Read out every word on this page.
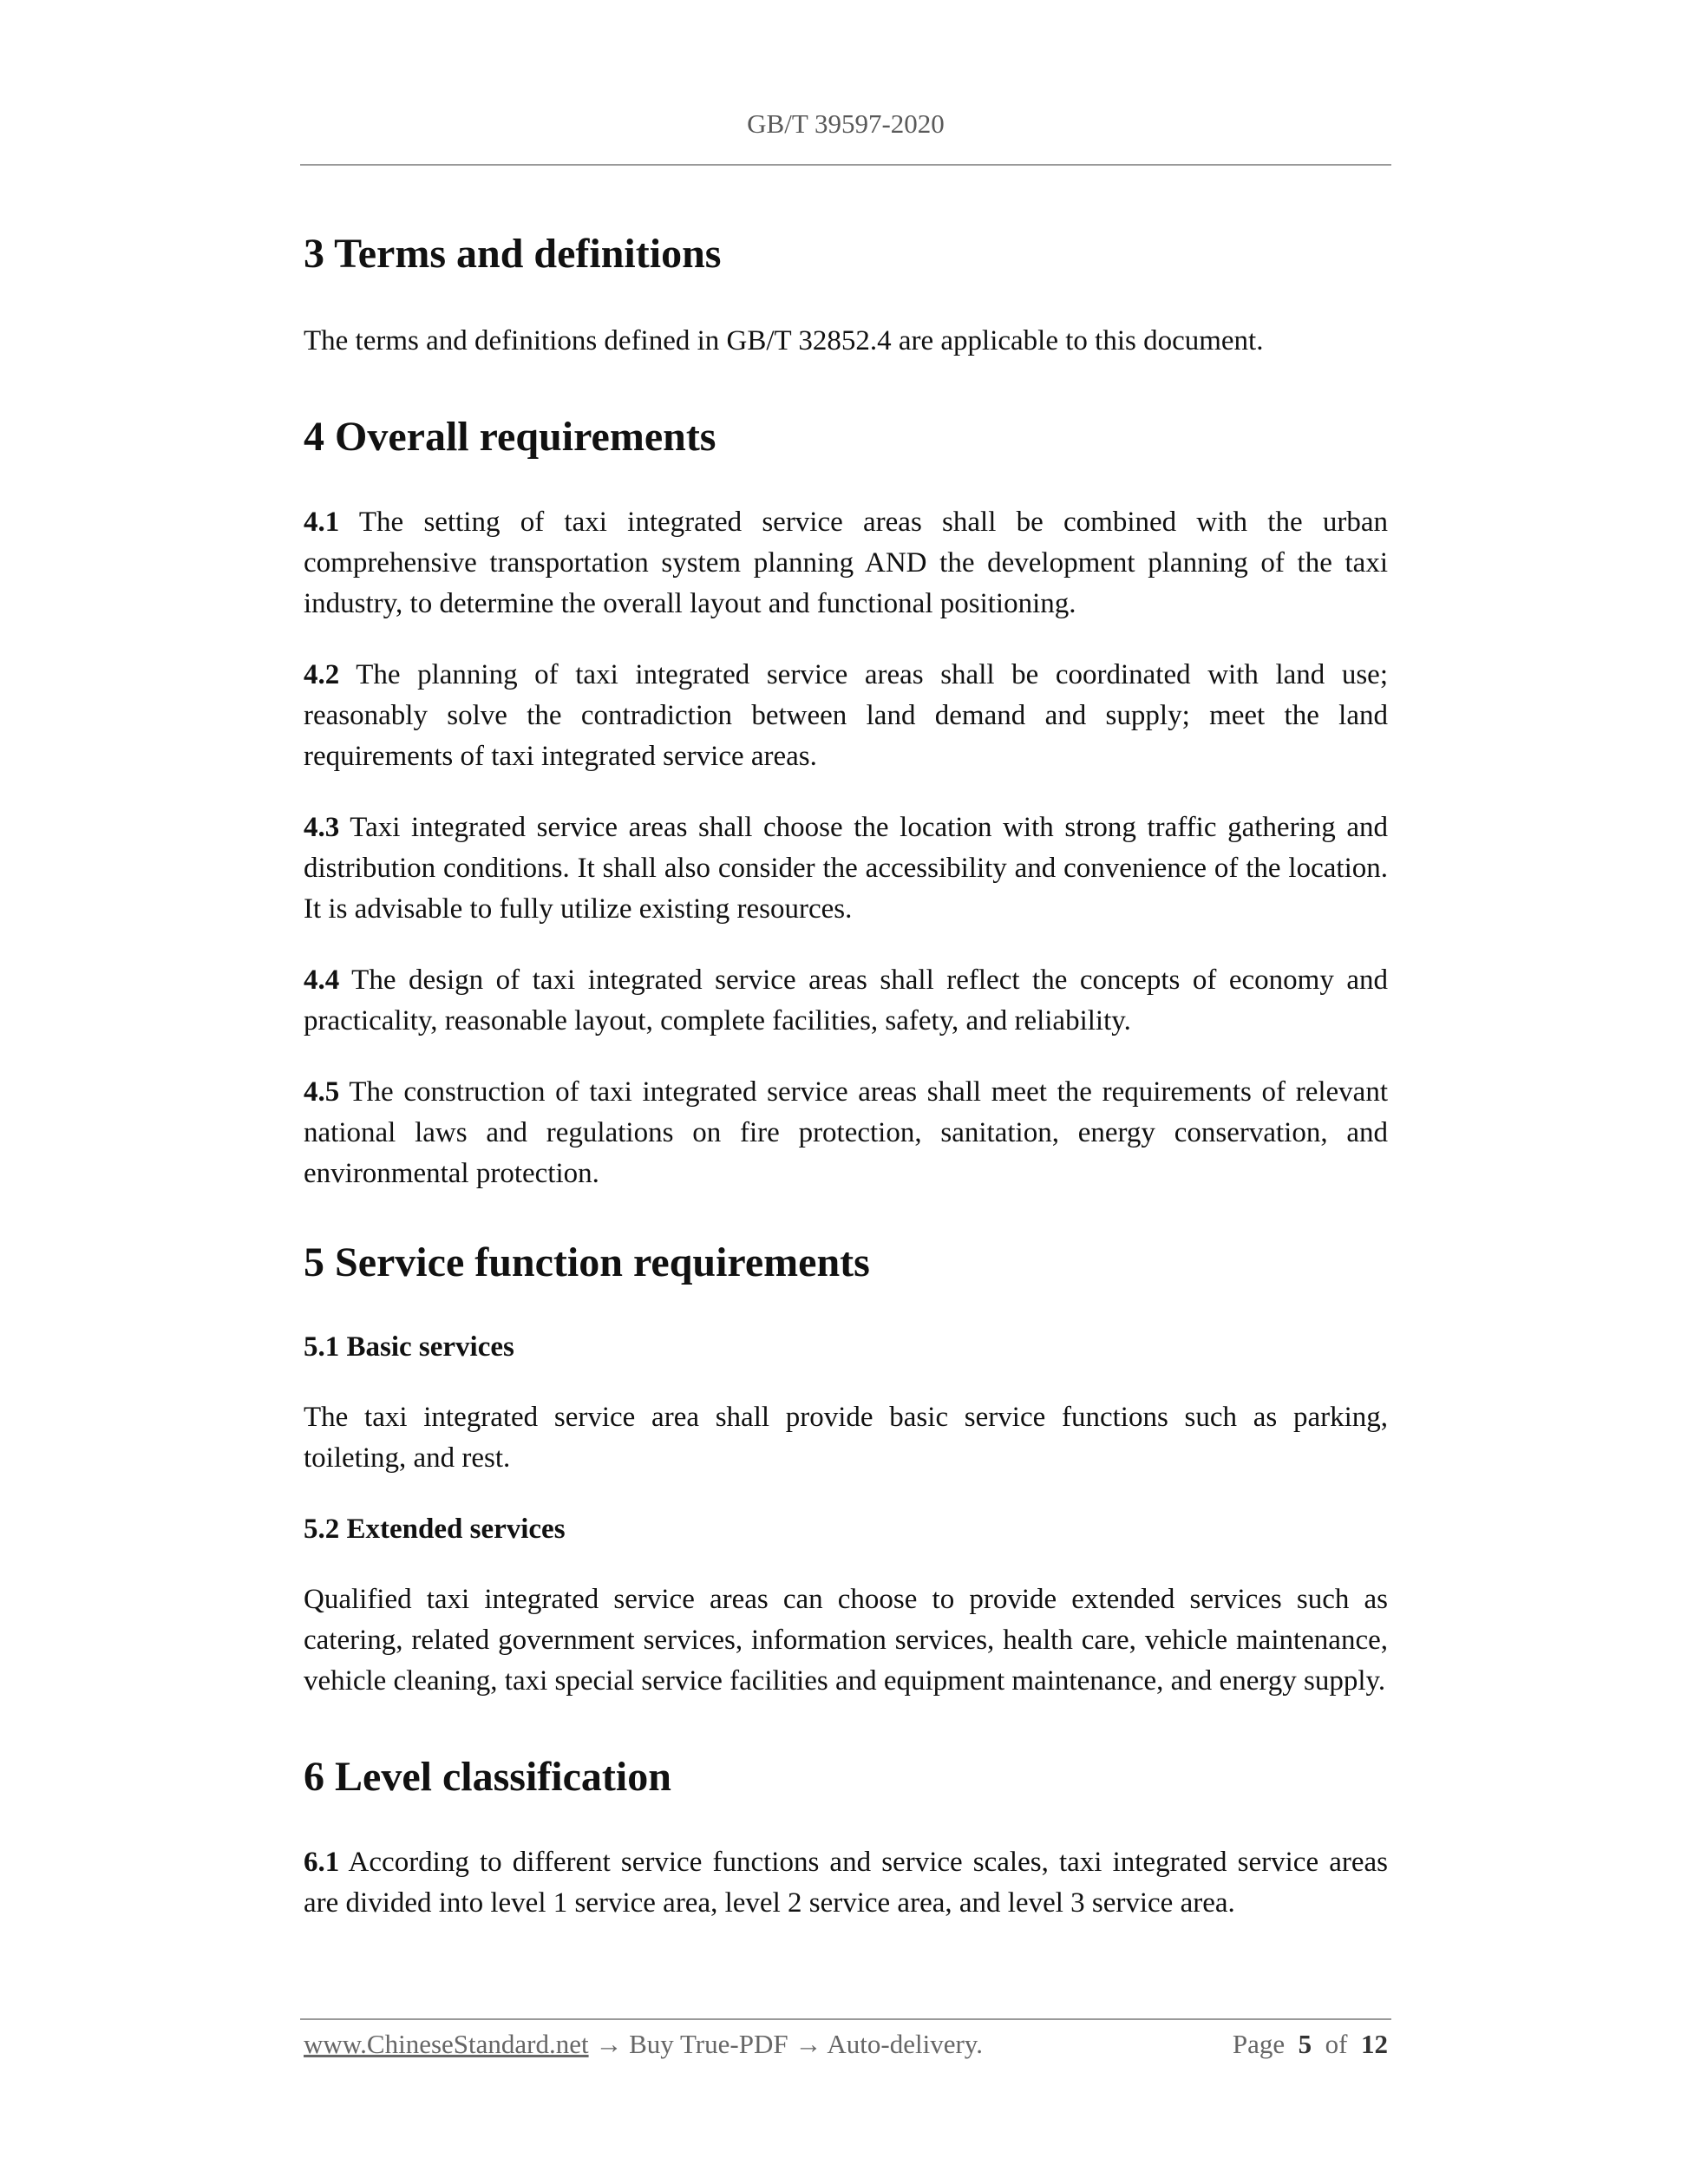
GB/T 39597-2020
3 Terms and definitions

The terms and definitions defined in GB/T 32852.4 are applicable to this document.

4 Overall requirements

4.1 The setting of taxi integrated service areas shall be combined with the urban comprehensive transportation system planning AND the development planning of the taxi industry, to determine the overall layout and functional positioning.

4.2 The planning of taxi integrated service areas shall be coordinated with land use; reasonably solve the contradiction between land demand and supply; meet the land requirements of taxi integrated service areas.

4.3 Taxi integrated service areas shall choose the location with strong traffic gathering and distribution conditions. It shall also consider the accessibility and convenience of the location. It is advisable to fully utilize existing resources.

4.4 The design of taxi integrated service areas shall reflect the concepts of economy and practicality, reasonable layout, complete facilities, safety, and reliability.

4.5 The construction of taxi integrated service areas shall meet the requirements of relevant national laws and regulations on fire protection, sanitation, energy conservation, and environmental protection.

5 Service function requirements
5.1 Basic services

The taxi integrated service area shall provide basic service functions such as parking, toileting, and rest.

5.2 Extended services

Qualified taxi integrated service areas can choose to provide extended services such as catering, related government services, information services, health care, vehicle maintenance, vehicle cleaning, taxi special service facilities and equipment maintenance, and energy supply.

6 Level classification

6.1 According to different service functions and service scales, taxi integrated service areas are divided into level 1 service area, level 2 service area, and level 3 service area.

www.ChineseStandard.net → Buy True-PDF → Auto-delivery.	Page 5 of 12
